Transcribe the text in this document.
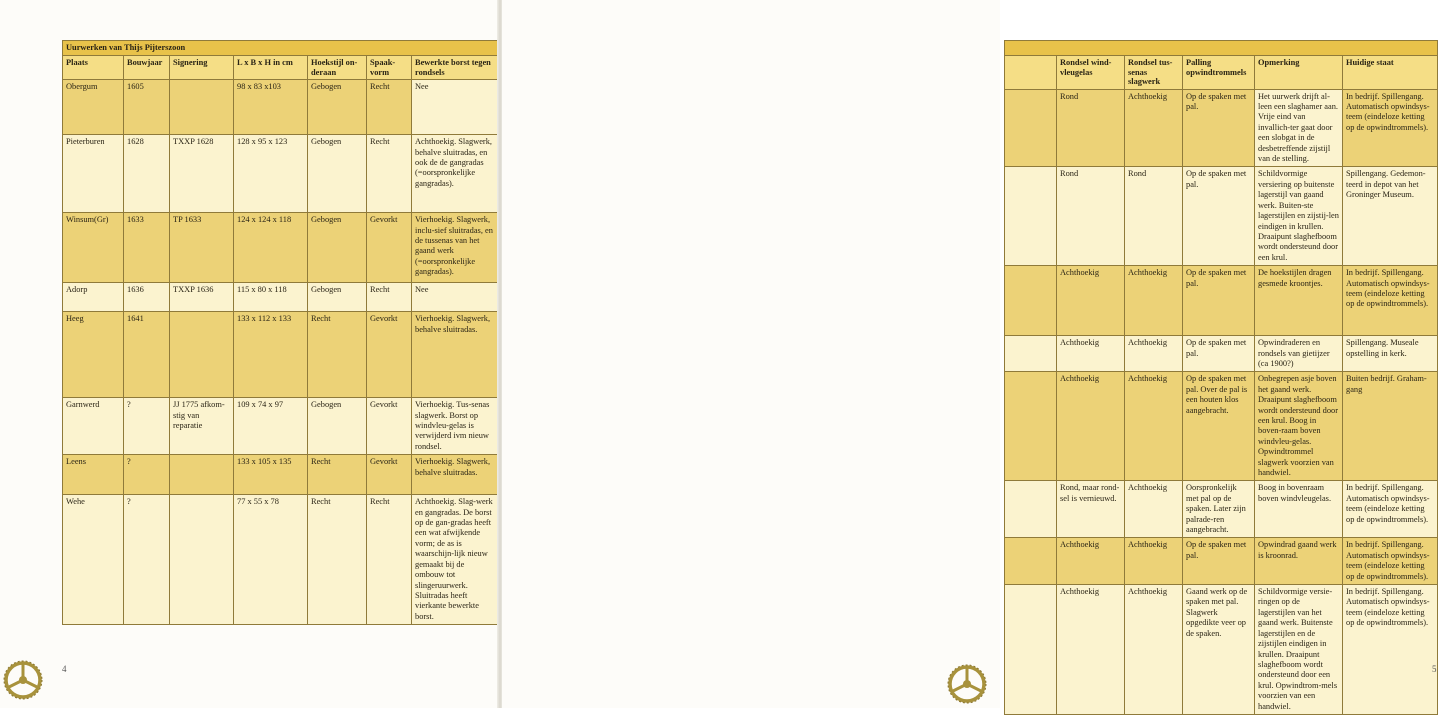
Uurwerken van Thijs Pijterszoon						
Plaats	Bouwjaar	Signering	L x B x H in cm	Hoekstijl on-deraan	Spaak-vorm	Bewerkte borst tegen rondsels
Obergum	1605		98 x 83 x103	Gebogen	Recht	Nee
Pieterburen	1628	TXXP 1628	128 x 95 x 123	Gebogen	Recht	Achthoekig. Slagwerk, behalve sluitradas, en ook de de gangradas (=oorspronkelijke gangradas).
Winsum(Gr)	1633	TP 1633	124 x 124 x 118	Gebogen	Gevorkt	Vierhoekig. Slagwerk, inclu-sief sluitradas, en de tussenas van het gaand werk (=oorspronkelijke gangradas).
Adorp	1636	TXXP 1636	115 x 80 x 118	Gebogen	Recht	Nee
Heeg	1641		133 x 112 x 133	Recht	Gevorkt	Vierhoekig. Slagwerk, behalve sluitradas.
Garnwerd	?	JJ 1775 afkom-stig van reparatie	109 x 74 x 97	Gebogen	Gevorkt	Vierhoekig. Tus-senas slagwerk. Borst op windvleu-gelas is verwijderd ivm nieuw rondsel.
Leens	?		133 x 105 x 135	Recht	Gevorkt	Vierhoekig. Slagwerk, behalve sluitradas.
Wehe	?		77 x 55 x 78	Recht	Recht	Achthoekig. Slag-werk en gangradas. De borst op de gan-gradas heeft een wat afwijkende vorm; de as is waarschijn-lijk nieuw gemaakt bij de ombouw tot slingeruurwerk. Sluitradas heeft vierkante bewerkte borst.
4

	Rondsel wind-vleugelas	Rondsel tus-senas slagwerk	Palling opwindtrommels	Opmerking	Huidige staat
	Rond	Achthoekig	Op de spaken met pal.	Het uurwerk drijft al-leen een slaghamer aan. Vrije eind van invallich-ter gaat door een slobgat in de desbetreffende zijstijl van de stelling.	In bedrijf. Spillengang. Automatisch opwindsys-teem (eindeloze ketting op de opwindtrommels).
	Rond	Rond	Op de spaken met pal.	Schildvormige versiering op buitenste lagerstijl van gaand werk. Buiten-ste lagerstijlen en zijstij-len eindigen in krullen. Draaipunt slaghefboom wordt ondersteund door een krul.	Spillengang. Gedemon-teerd in depot van het Groninger Museum.
	Achthoekig	Achthoekig	Op de spaken met pal.	De hoekstijlen dragen gesmede kroontjes.	In bedrijf. Spillengang. Automatisch opwindsys-teem (eindeloze ketting op de opwindtrommels).
	Achthoekig	Achthoekig	Op de spaken met pal.	Opwindraderen en rondsels van gietijzer (ca 1900?)	Spillengang. Museale opstelling in kerk.
	Achthoekig	Achthoekig	Op de spaken met pal. Over de pal is een houten klos aangebracht.	Onbegrepen asje boven het gaand werk. Draaipunt slaghefboom wordt ondersteund door een krul. Boog in boven-raam boven windvleu-gelas. Opwindtrommel slagwerk voorzien van handwiel.	Buiten bedrijf. Graham-gang
	Rond, maar rond-sel is vernieuwd.	Achthoekig	Oorspronkelijk met pal op de spaken. Later zijn palrade-ren aangebracht.	Boog in bovenraam boven windvleugelas.	In bedrijf. Spillengang. Automatisch opwindsys-teem (eindeloze ketting op de opwindtrommels).
	Achthoekig	Achthoekig	Op de spaken met pal.	Opwindrad gaand werk is kroonrad.	In bedrijf. Spillengang. Automatisch opwindsys-teem (eindeloze ketting op de opwindtrommels).
	Achthoekig	Achthoekig	Gaand werk op de spaken met pal. Slagwerk opgedikte veer op de spaken.	Schildvormige versie-ringen op de lagerstijlen van het gaand werk. Buitenste lagerstijlen en de zijstijlen eindigen in krullen. Draaipunt slaghefboom wordt ondersteund door een krul. Opwindtrom-mels voorzien van een handwiel.	In bedrijf. Spillengang. Automatisch opwindsys-teem (eindeloze ketting op de opwindtrommels).
5
